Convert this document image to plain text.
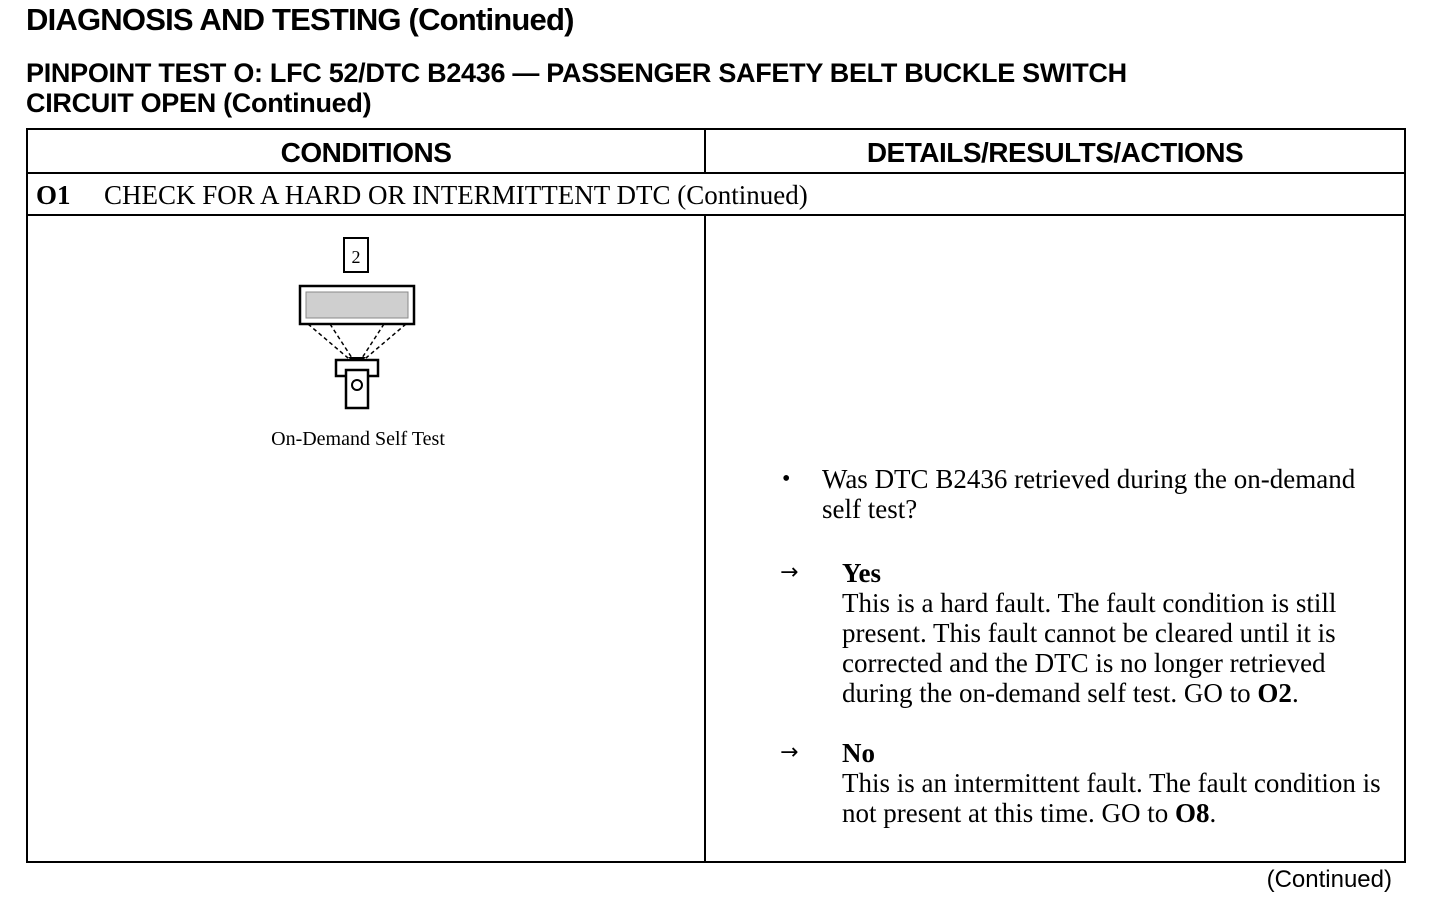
DIAGNOSIS AND TESTING (Continued)
PINPOINT TEST O: LFC 52/DTC B2436 — PASSENGER SAFETY BELT BUCKLE SWITCH
CIRCUIT OPEN (Continued)
CONDITIONS	DETAILS/RESULTS/ACTIONS
O1 CHECK FOR A HARD OR INTERMITTENT DTC (Continued)
2
On-Demand Self Test
• Was DTC B2436 retrieved during the on-demand self test?
→ Yes
This is a hard fault. The fault condition is still present. This fault cannot be cleared until it is corrected and the DTC is no longer retrieved during the on-demand self test. GO to O2.
→ No
This is an intermittent fault. The fault condition is not present at this time. GO to O8.
(Continued)
